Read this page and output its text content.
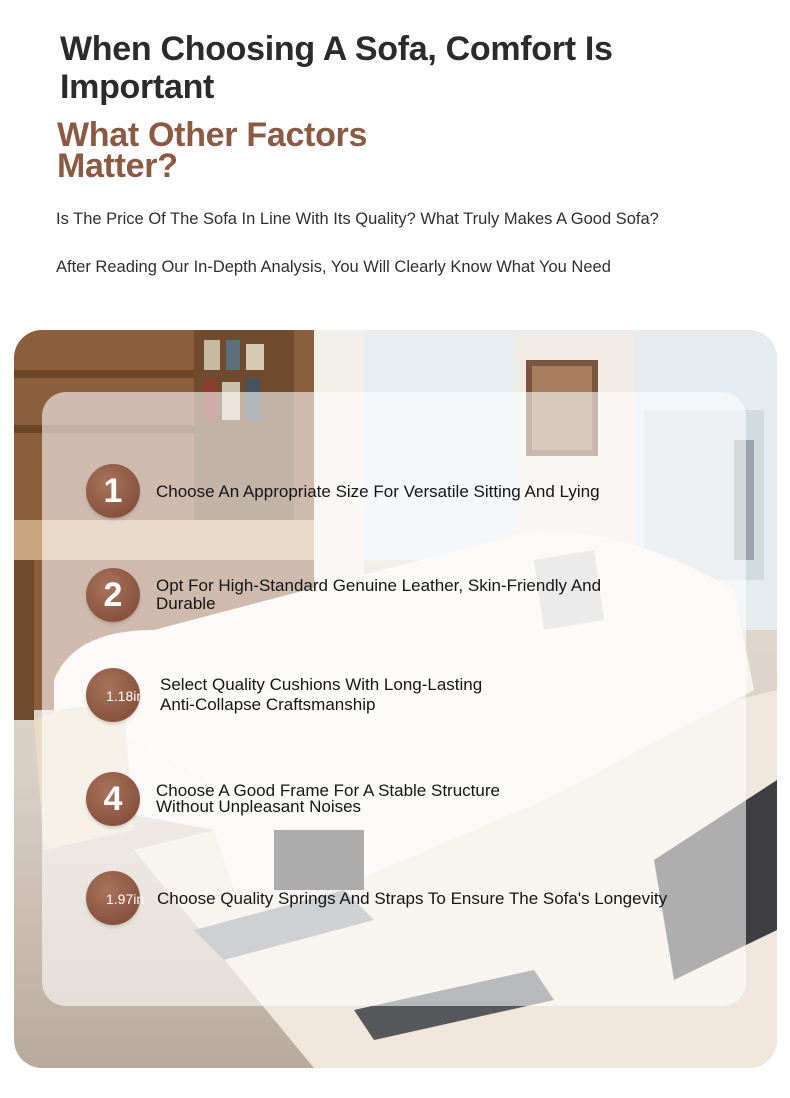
When Choosing A Sofa, Comfort Is Important
What Other Factors Matter?
Is The Price Of The Sofa In Line With Its Quality? What Truly Makes A Good Sofa?
After Reading Our In-Depth Analysis, You Will Clearly Know What You Need
1 Choose An Appropriate Size For Versatile Sitting And Lying
2 Opt For High-Standard Genuine Leather, Skin-Friendly And Durable
1.18in
Select Quality Cushions With Long-Lasting Anti-Collapse Craftsmanship
4 Choose A Good Frame For A Stable Structure Without Unpleasant Noises
1.97in Choose Quality Springs And Straps To Ensure The Sofa's Longevity
